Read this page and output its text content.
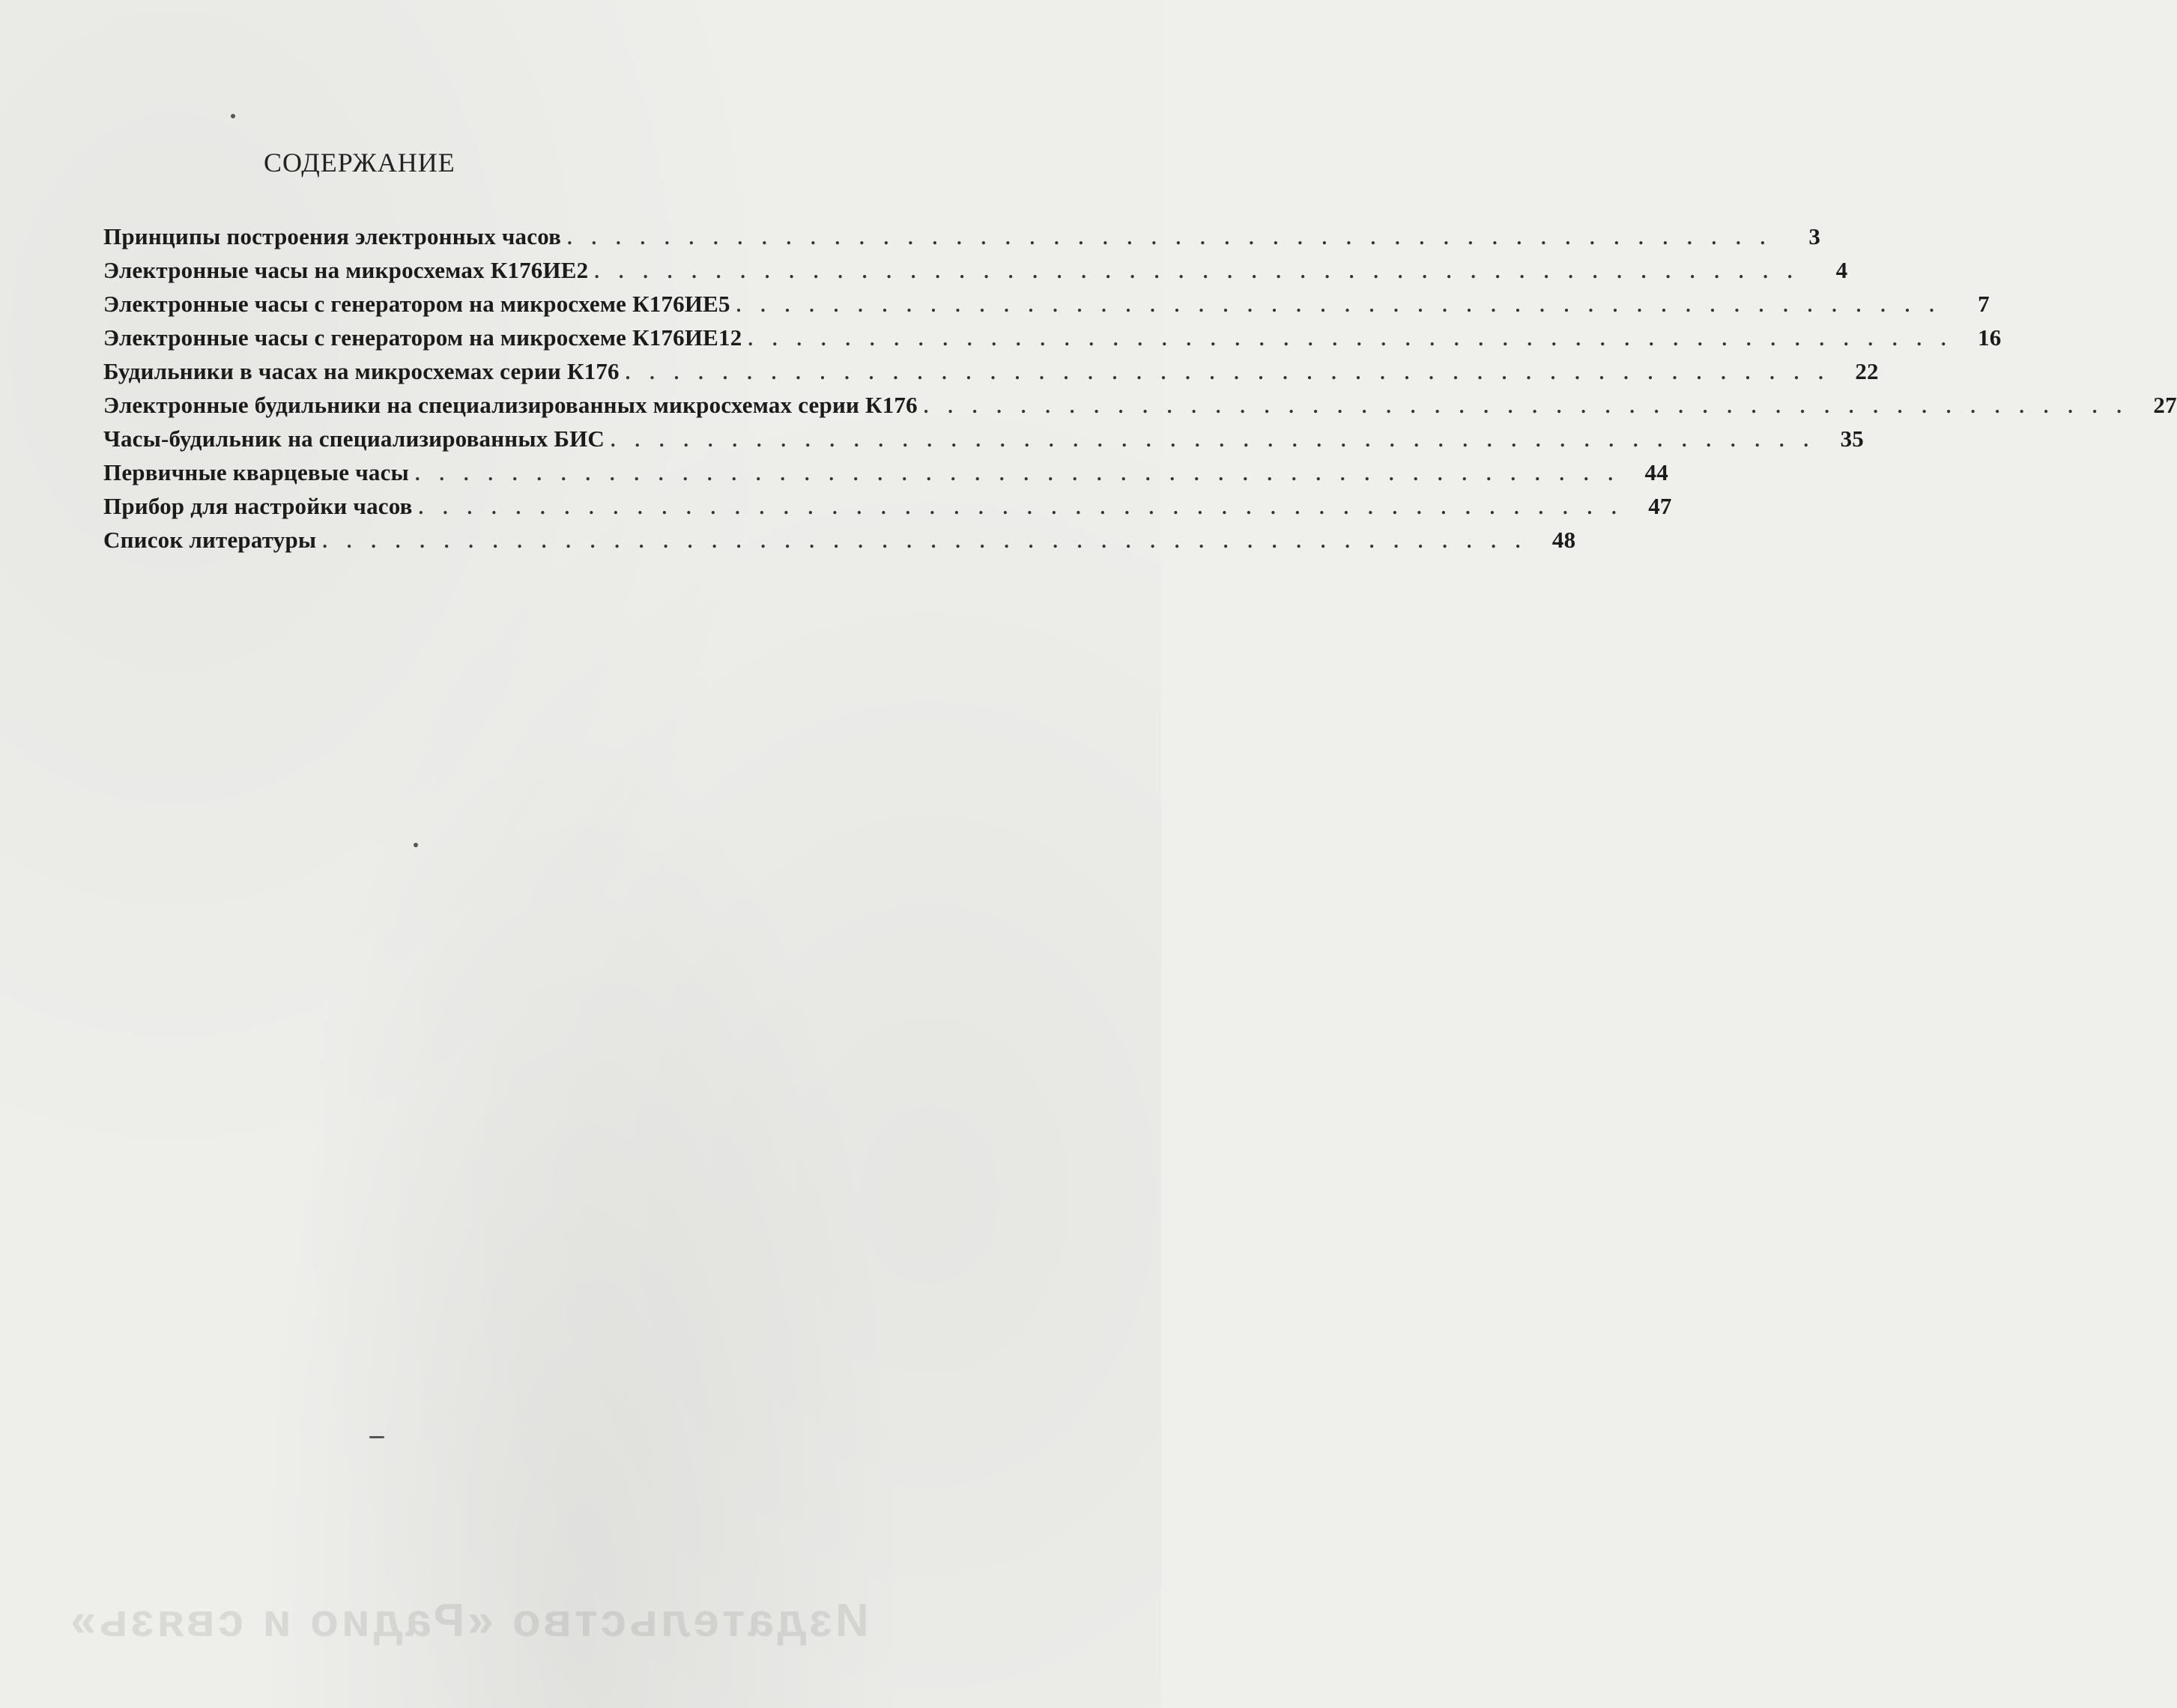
СОДЕРЖАНИЕ
Принципы построения электронных часов ..................................................	3
Электронные часы на микросхемах К176ИЕ2 ..................................................	4
Электронные часы с генератором на микросхеме К176ИЕ5 ..................................................	7
Электронные часы с генератором на микросхеме К176ИЕ12 .................................................. 16
Будильники в часах на микросхемах серии К176 .................................................. 22
Электронные будильники на специализированных микросхемах серии К176 .................................................. 27
Часы-будильник на специализированных БИС .................................................. 35
Первичные кварцевые часы .................................................. 44
Прибор для настройки часов .................................................. 47
Список литературы .................................................. 48
Издательство «Радио и связь»
